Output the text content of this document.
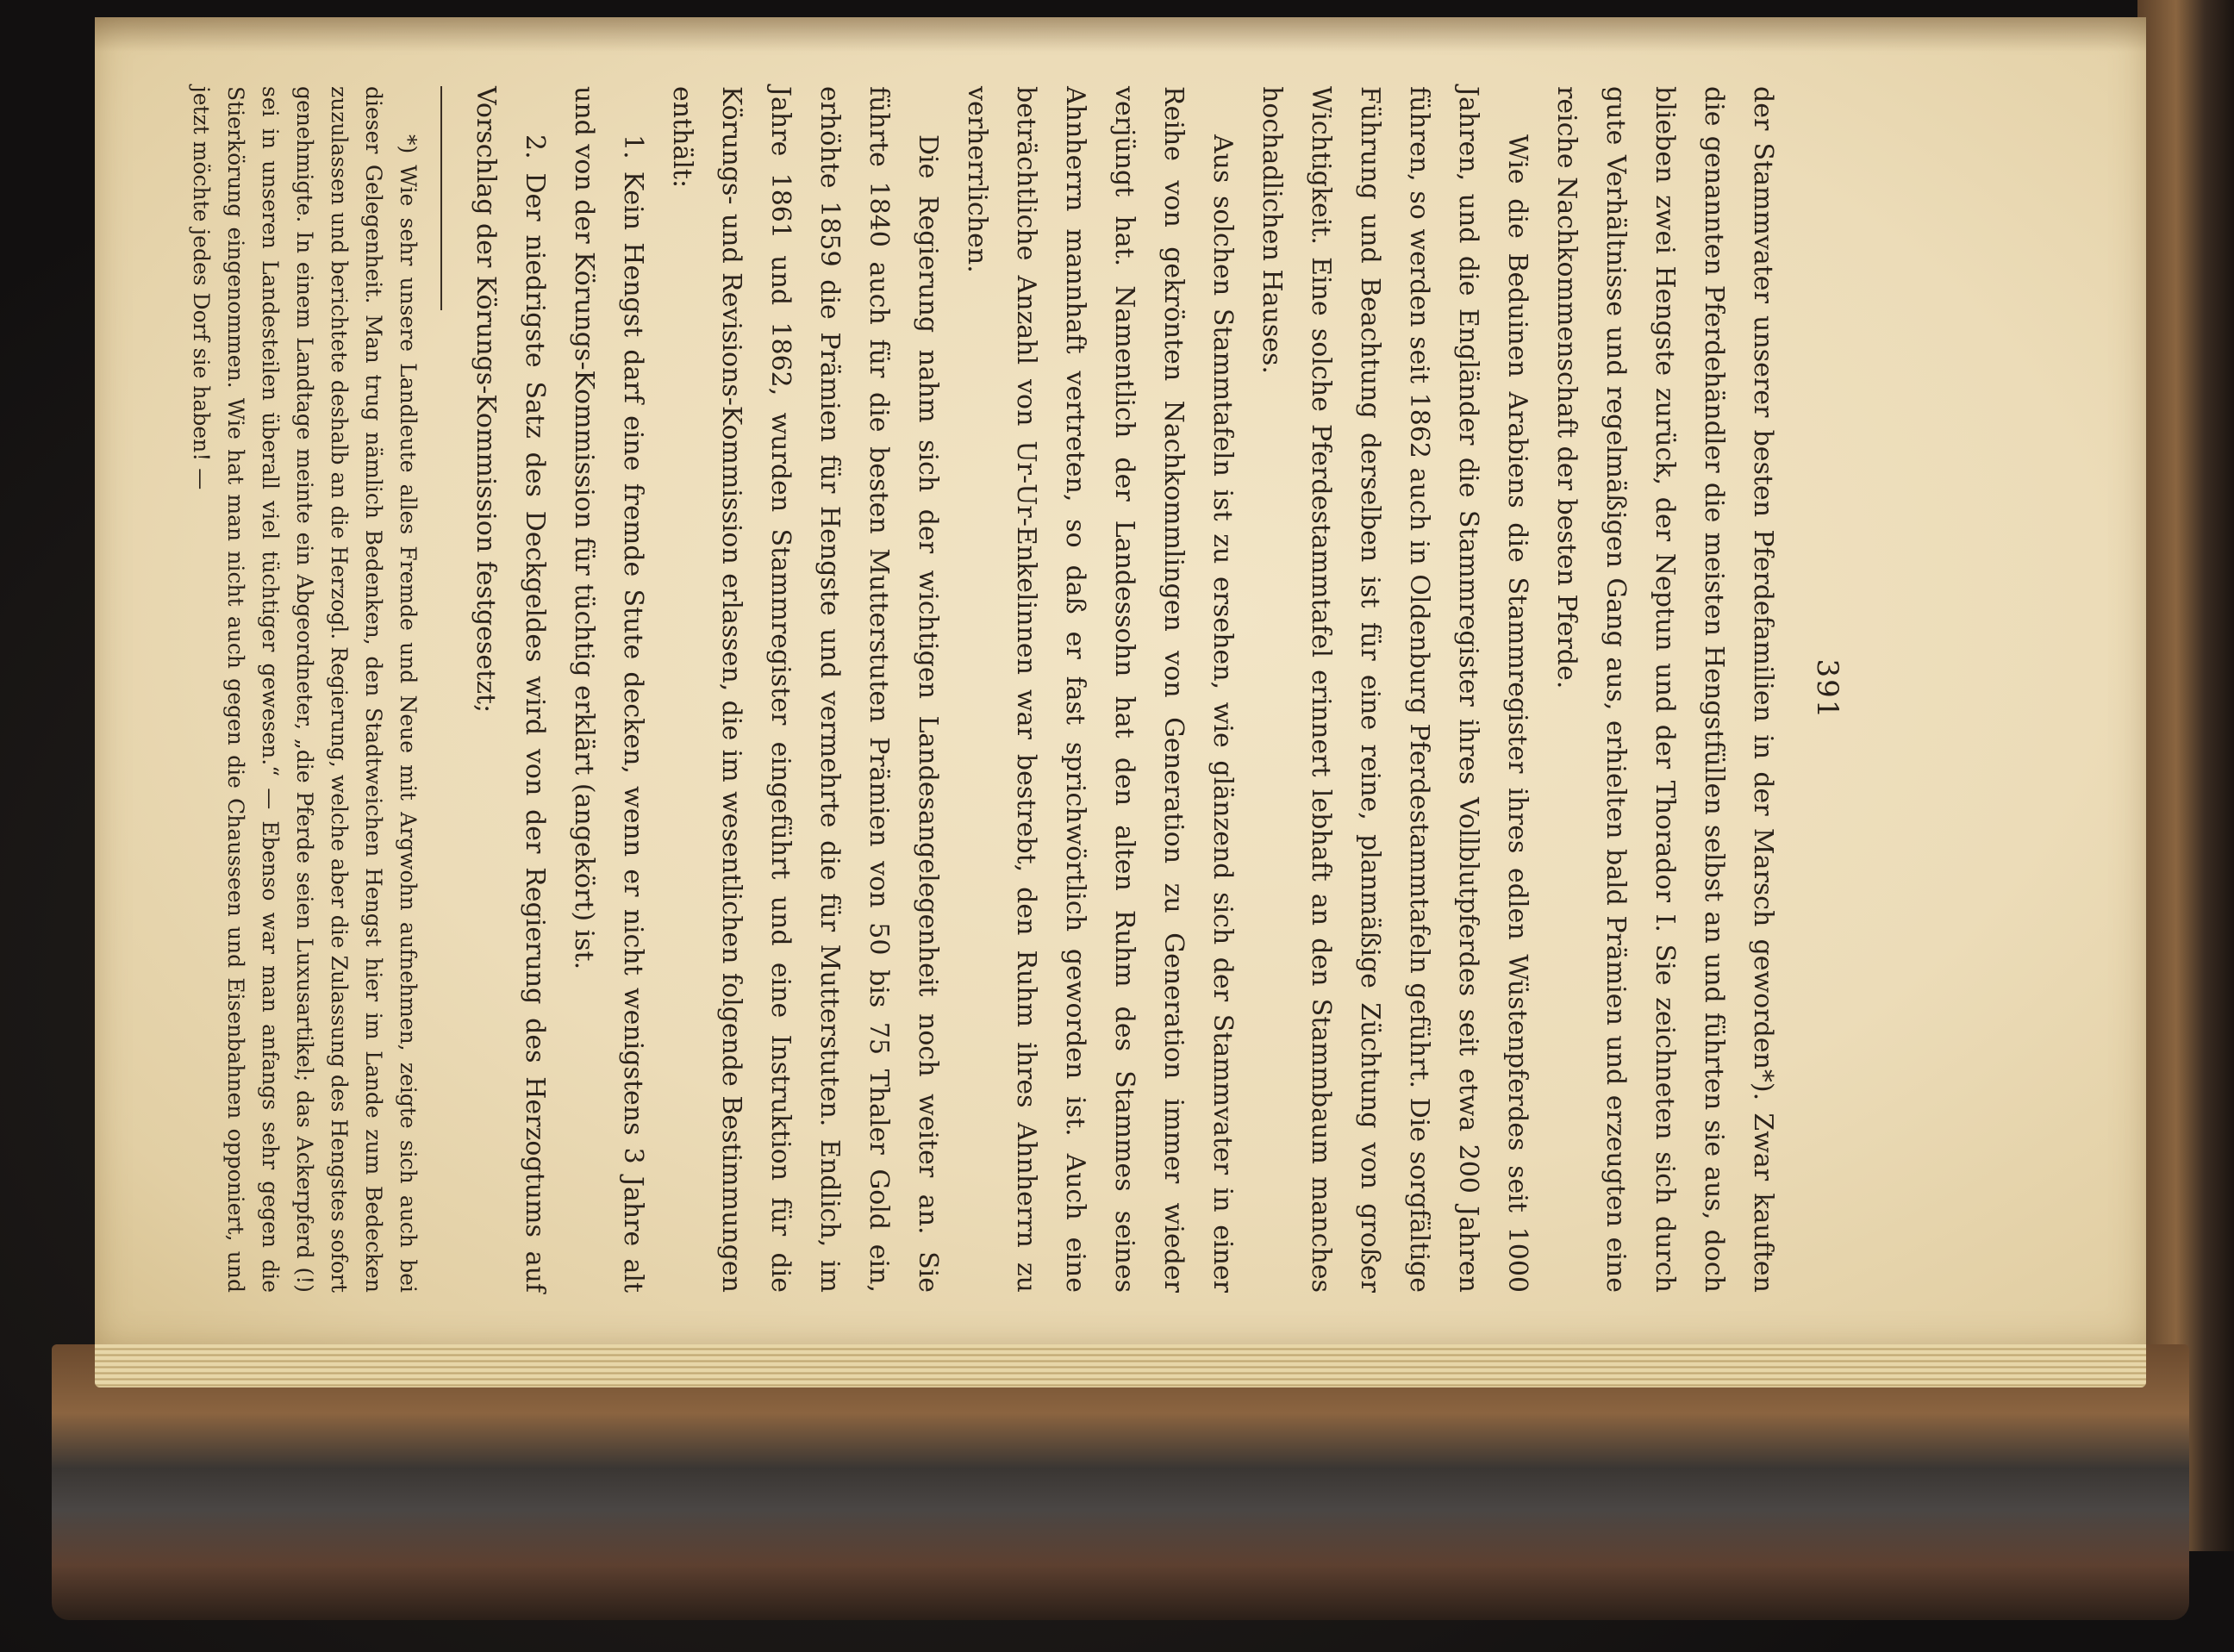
391

der Stammvater unserer besten Pferdefamilien in der Marsch geworden*). Zwar kauften die genannten Pferdehändler die meisten Hengstfüllen selbst an und führten sie aus, doch blieben zwei Hengste zurück, der Neptun und der Thorador I. Sie zeichneten sich durch gute Verhältnisse und regelmäßigen Gang aus, erhielten bald Prämien und erzeugten eine reiche Nachkommenschaft der besten Pferde.

Wie die Beduinen Arabiens die Stammregister ihres edlen Wüstenpferdes seit 1000 Jahren, und die Engländer die Stammregister ihres Vollblutpferdes seit etwa 200 Jahren führen, so werden seit 1862 auch in Oldenburg Pferdestammtafeln geführt. Die sorgfältige Führung und Beachtung derselben ist für eine reine, planmäßige Züchtung von großer Wichtigkeit. Eine solche Pferdestammtafel erinnert lebhaft an den Stammbaum manches hochadlichen Hauses.

Aus solchen Stammtafeln ist zu ersehen, wie glänzend sich der Stammvater in einer Reihe von gekrönten Nachkommlingen von Generation zu Generation immer wieder verjüngt hat. Namentlich der Landessohn hat den alten Ruhm des Stammes seines Ahnherrn mannhaft vertreten, so daß er fast sprichwörtlich geworden ist. Auch eine beträchtliche Anzahl von Ur-Ur-Enkelinnen war bestrebt, den Ruhm ihres Ahnherrn zu verherrlichen.

Die Regierung nahm sich der wichtigen Landesangelegenheit noch weiter an. Sie führte 1840 auch für die besten Mutterstuten Prämien von 50 bis 75 Thaler Gold ein, erhöhte 1859 die Prämien für Hengste und vermehrte die für Mutterstuten. Endlich, im Jahre 1861 und 1862, wurden Stammregister eingeführt und eine Instruktion für die Körungs- und Revisions-Kommission erlassen, die im wesentlichen folgende Bestimmungen enthält:

1. Kein Hengst darf eine fremde Stute decken, wenn er nicht wenigstens 3 Jahre alt und von der Körungs-Kommission für tüchtig erklärt (angekört) ist.

2. Der niedrigste Satz des Deckgeldes wird von der Regierung des Herzogtums auf Vorschlag der Körungs-Kommission festgesetzt;

*) Wie sehr unsere Landleute alles Fremde und Neue mit Argwohn aufnehmen, zeigte sich auch bei dieser Gelegenheit. Man trug nämlich Bedenken, den Stadtweichen Hengst hier im Lande zum Bedecken zuzulassen und berichtete deshalb an die Herzogl. Regierung, welche aber die Zulassung des Hengstes sofort genehmigte. In einem Landtage meinte ein Abgeordneter, „die Pferde seien Luxusartikel; das Ackerpferd (!) sei in unseren Landesteilen überall viel tüchtiger gewesen.“ — Ebenso war man anfangs sehr gegen die Stierkörung eingenommen. Wie hat man nicht auch gegen die Chausseen und Eisenbahnen opponiert, und jetzt möchte jedes Dorf sie haben! —
